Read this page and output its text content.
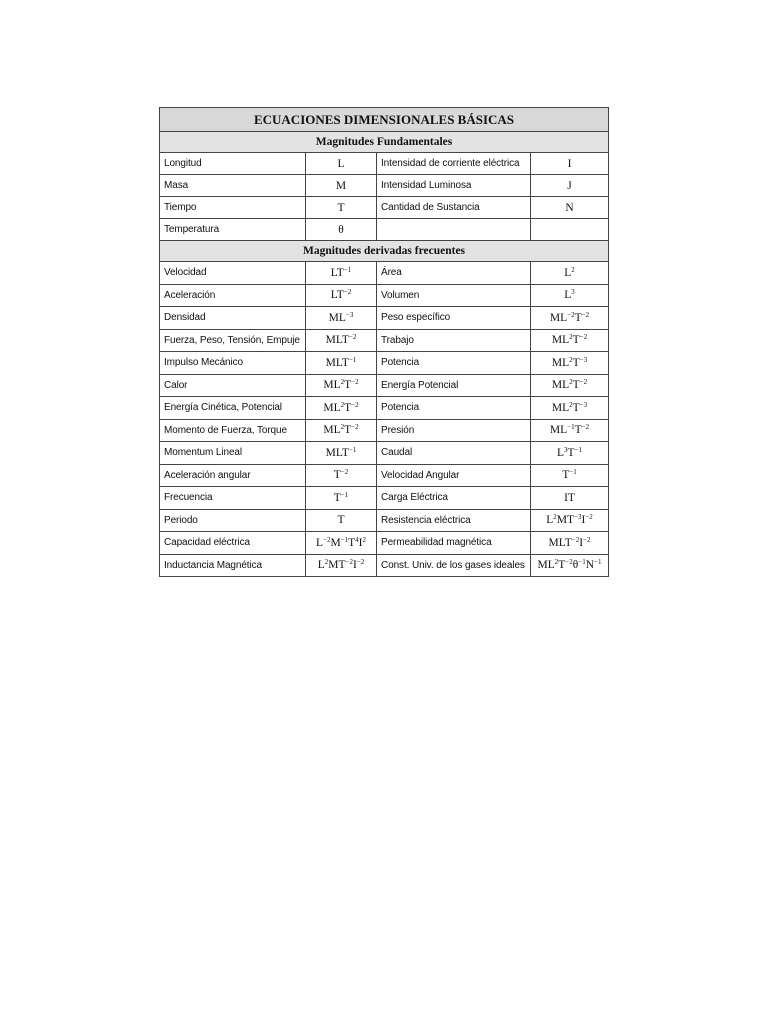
ECUACIONES DIMENSIONALES BÁSICAS			
Magnitudes Fundamentales			
Longitud	L	Intensidad de corriente eléctrica	I
Masa	M	Intensidad Luminosa	J
Tiempo	T	Cantidad de Sustancia	N
Temperatura	θ		
Magnitudes derivadas frecuentes			
Velocidad	$LT^{-1}$	Área	$L^2$
Aceleración	$LT^{-2}$	Volumen	$L^3$
Densidad	$ML^{-3}$	Peso específico	$ML^{-2}T^{-2}$
Fuerza, Peso, Tensión, Empuje	$MLT^{-2}$	Trabajo	$ML^2T^{-2}$
Impulso Mecánico	$MLT^{-1}$	Potencia	$ML^2T^{-3}$
Calor	$ML^2T^{-2}$	Energía Potencial	$ML^2T^{-2}$
Energía Cinética, Potencial	$ML^2T^{-2}$	Potencia	$ML^2T^{-3}$
Momento de Fuerza, Torque	$ML^2T^{-2}$	Presión	$ML^{-1}T^{-2}$
Momentum Lineal	$MLT^{-1}$	Caudal	$L^3T^{-1}$
Aceleración angular	$T^{-2}$	Velocidad Angular	$T^{-1}$
Frecuencia	$T^{-1}$	Carga Eléctrica	IT
Periodo	T	Resistencia eléctrica	$L^2MT^{-3}I^{-2}$
Capacidad eléctrica	$L^{-2}M^{-1}T^4I^2$	Permeabilidad magnética	$MLT^{-2}I^{-2}$
Inductancia Magnética	$L^2MT^{-2}I^{-2}$	Const. Univ. de los gases ideales	$ML^2T^{-2}\theta^{-1}N^{-1}$
